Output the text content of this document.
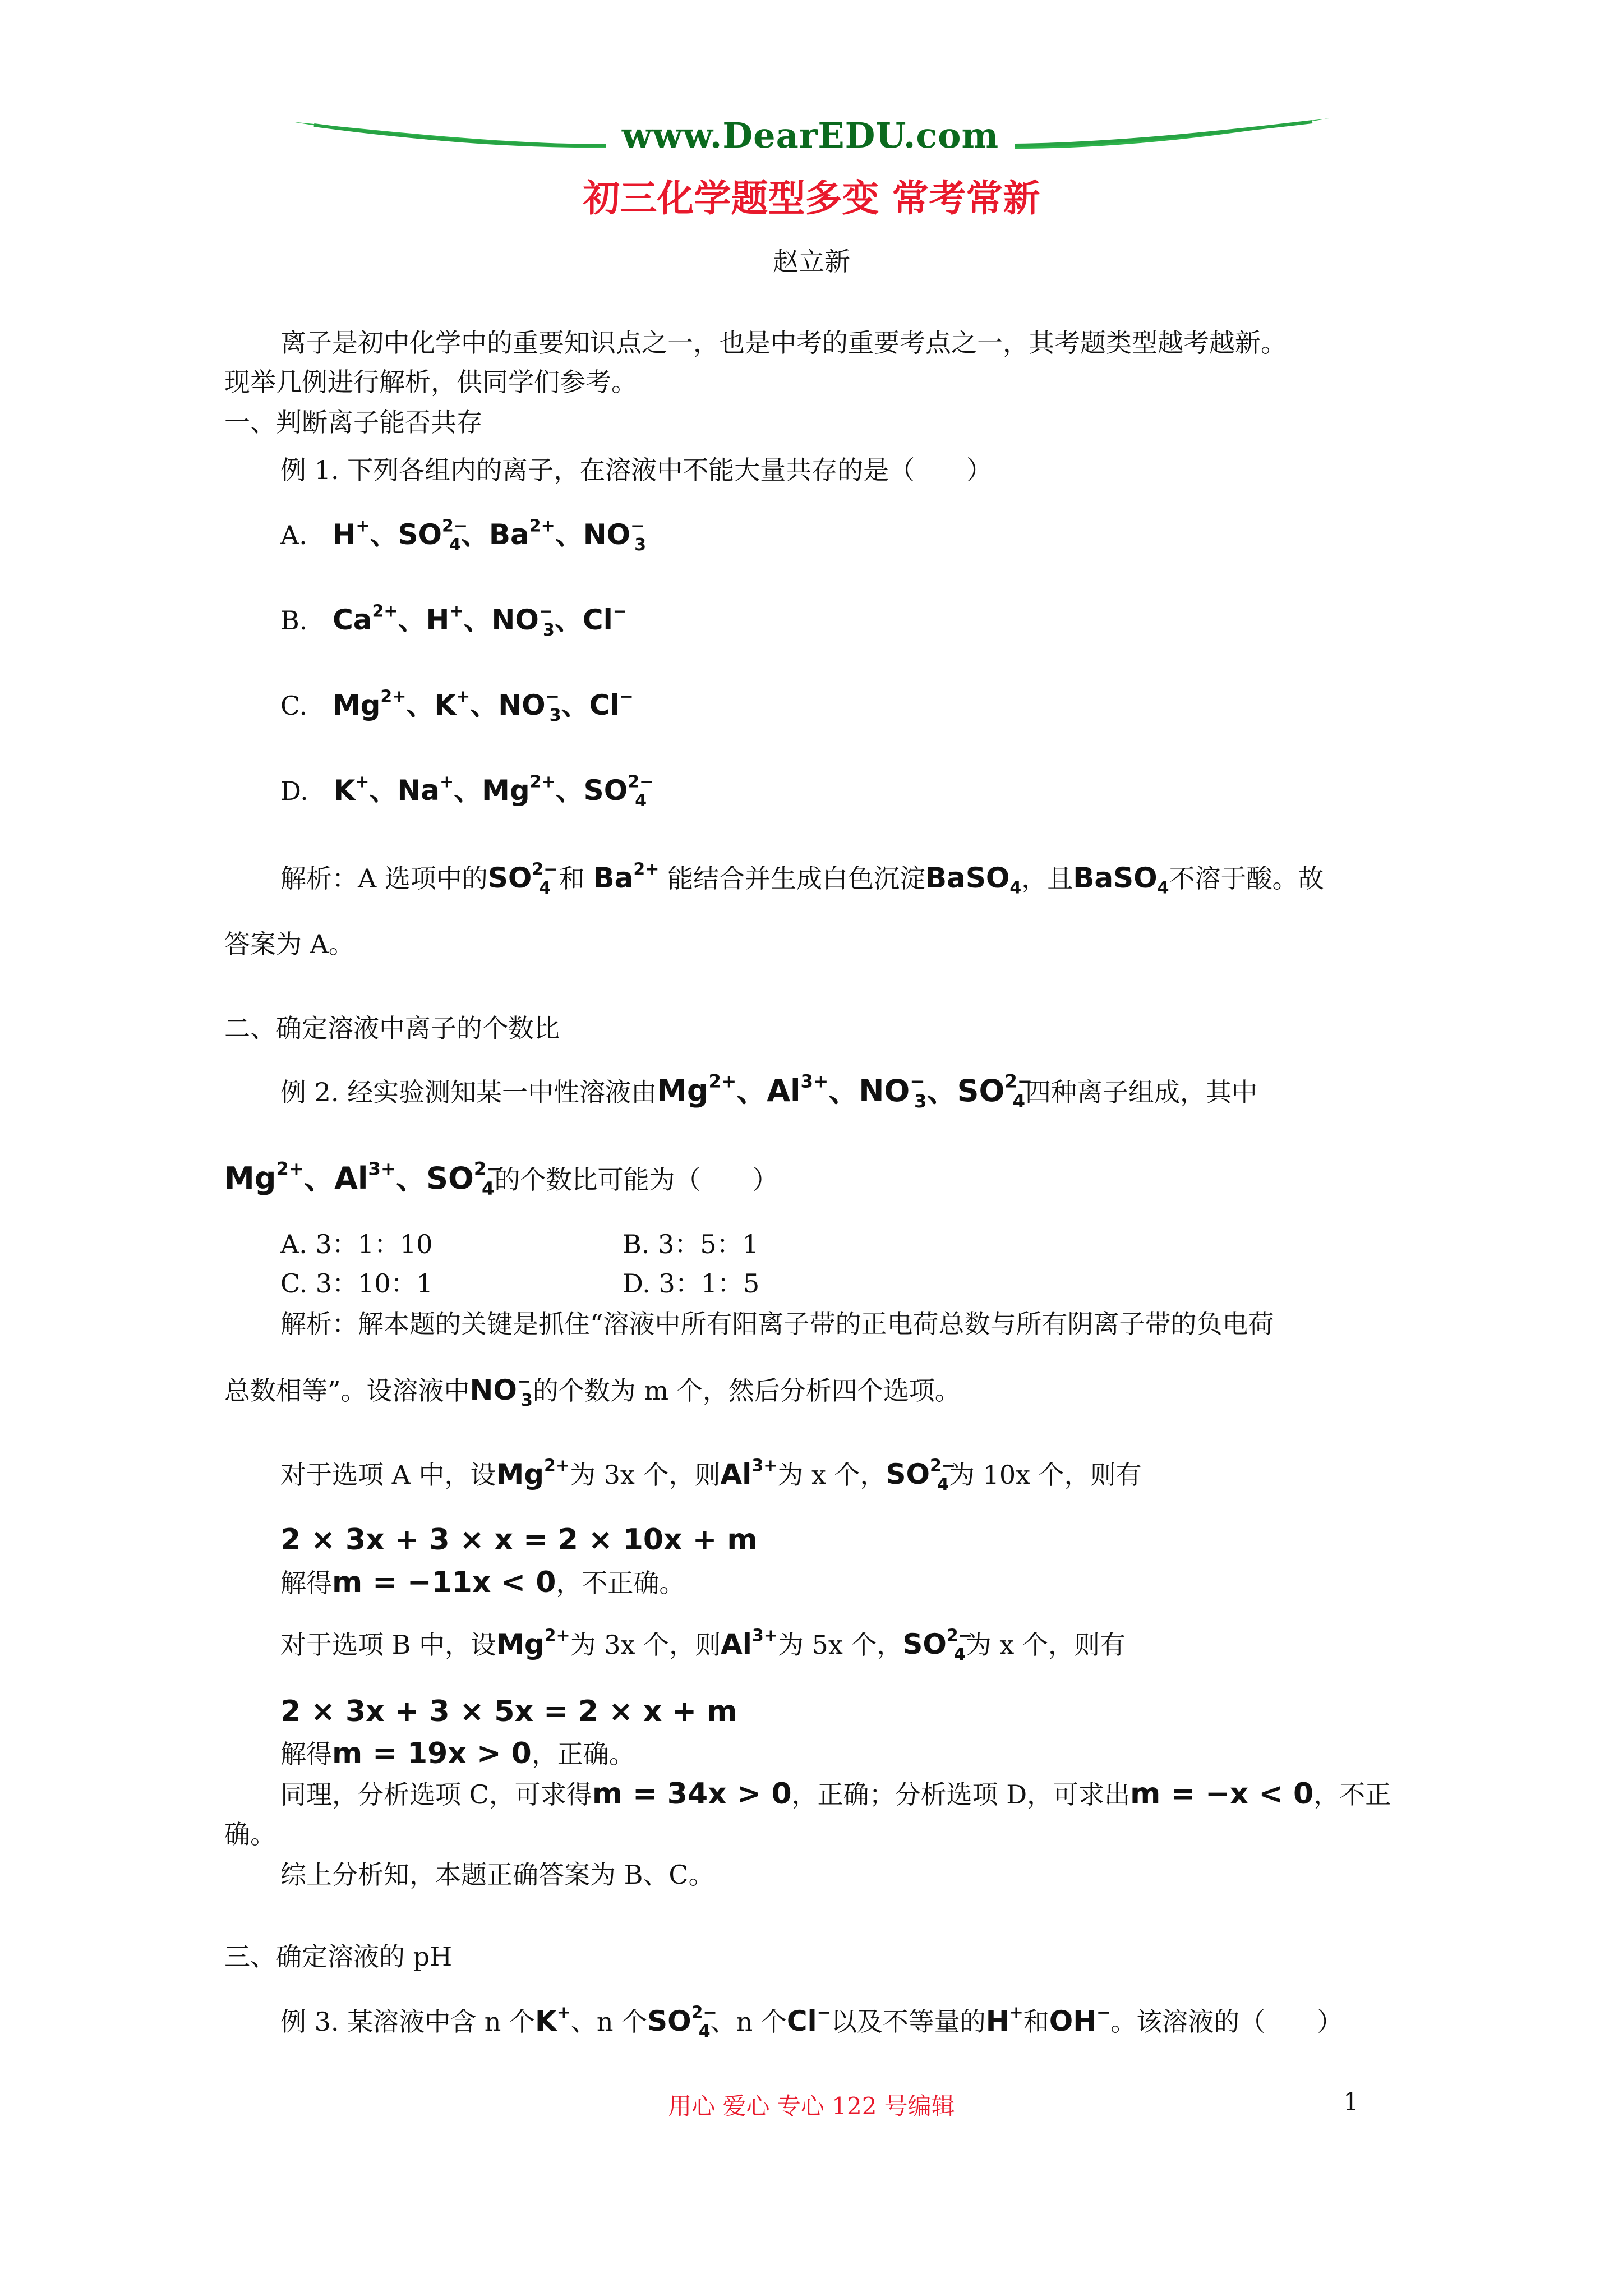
www.DearEDU.com
初三化学题型多变 常考常新
赵立新
离子是初中化学中的重要知识点之一，也是中考的重要考点之一，其考题类型越考越新。
现举几例进行解析，供同学们参考。
一、判断离子能否共存
例 1. 下列各组内的离子，在溶液中不能大量共存的是（　　）
A. H+、$SO^{2-}_4$、$Ba^{2+}$、$NO^-_3$
B. $Ca^{2+}$、H+、$NO^-_3$、Cl−
C. $Mg^{2+}$、K+、$NO^-_3$、Cl−
D. K+、Na+、$Mg^{2+}$、$SO^{2-}_4$
解析：A 选项中的$SO^{2-}_4$ 和 $Ba^{2+}$ 能结合并生成白色沉淀BaSO$_4$，且BaSO$_4$不溶于酸。故
答案为 A。
二、确定溶液中离子的个数比
例 2. 经实验测知某一中性溶液由$Mg^{2+}$、$Al^{3+}$、$NO^-_3$、$SO^{2-}_4$四种离子组成，其中
$Mg^{2+}$、$Al^{3+}$、$SO^{2-}_4$的个数比可能为（　　）
A. 3：1：10	B. 3：5：1
C. 3：10：1	D. 3：1：5
解析：解本题的关键是抓住“溶液中所有阳离子带的正电荷总数与所有阴离子带的负电荷
总数相等”。设溶液中$NO^-_3$的个数为 m 个，然后分析四个选项。
对于选项 A 中，设$Mg^{2+}$为 3x 个，则$Al^{3+}$为 x 个，$SO^{2-}_4$为 10x 个，则有
2 × 3x + 3 × x = 2 × 10x + m
解得m = −11x < 0，不正确。
对于选项 B 中，设$Mg^{2+}$为 3x 个，则$Al^{3+}$为 5x 个，$SO^{2-}_4$为 x 个，则有
2 × 3x + 3 × 5x = 2 × x + m
解得m = 19x > 0，正确。
同理，分析选项 C，可求得m = 34x > 0，正确；分析选项 D，可求出m = −x < 0，不正
确。
综上分析知，本题正确答案为 B、C。
三、确定溶液的 pH
例 3. 某溶液中含 n 个K+、n 个$SO^{2-}_4$、n 个Cl−以及不等量的H+和OH−。该溶液的（　　）
用心 爱心 专心 122 号编辑	1
